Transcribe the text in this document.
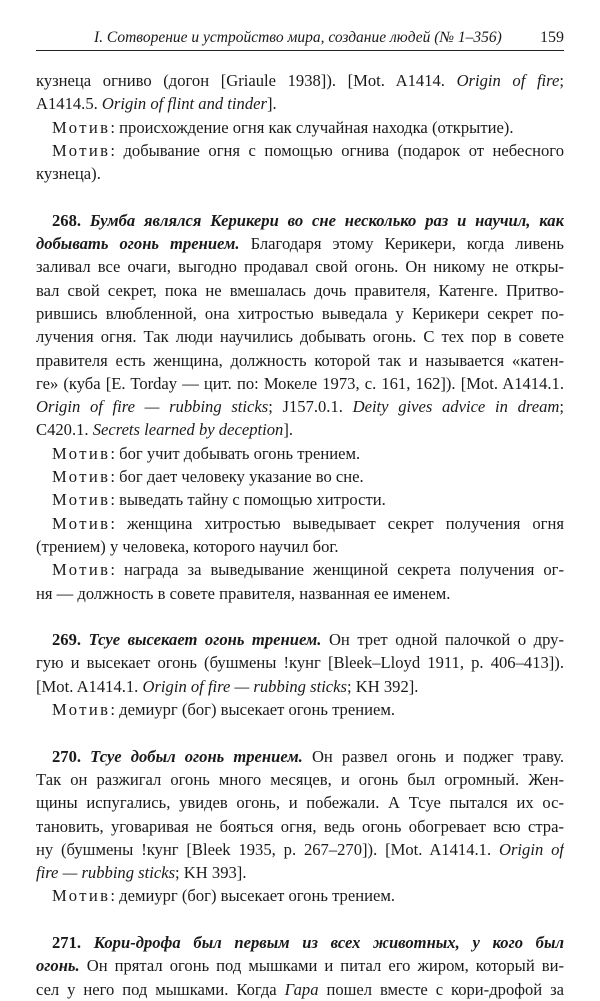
I. Сотворение и устройство мира, создание людей (№ 1–356) 159
кузнеца огниво (догон [Griaule 1938]). [Mot. A1414. Origin of fire;
A1414.5. Origin of flint and tinder].
Мотив: происхождение огня как случайная находка (открытие).
Мотив: добывание огня с помощью огнива (подарок от небесного
кузнеца).
268. Бумба являлся Керикери во сне несколько раз и научил, как
добывать огонь трением. Благодаря этому Керикери, когда ливень
заливал все очаги, выгодно продавал свой огонь. Он никому не откры-
вал свой секрет, пока не вмешалась дочь правителя, Катенге. Притво-
рившись влюбленной, она хитростью выведала у Керикери секрет по-
лучения огня. Так люди научились добывать огонь. С тех пор в совете
правителя есть женщина, должность которой так и называется «катен-
ге» (куба [E. Torday — цит. по: Мокеле 1973, с. 161, 162]). [Mot. A1414.1.
Origin of fire — rubbing sticks; J157.0.1. Deity gives advice in dream;
C420.1. Secrets learned by deception].
Мотив: бог учит добывать огонь трением.
Мотив: бог дает человеку указание во сне.
Мотив: выведать тайну с помощью хитрости.
Мотив: женщина хитростью выведывает секрет получения огня
(трением) у человека, которого научил бог.
Мотив: награда за выведывание женщиной секрета получения ог-
ня — должность в совете правителя, названная ее именем.
269. Тсуе высекает огонь трением. Он трет одной палочкой о дру-
гую и высекает огонь (бушмены !кунг [Bleek–Lloyd 1911, p. 406–413]).
[Mot. A1414.1. Origin of fire — rubbing sticks; KH 392].
Мотив: демиург (бог) высекает огонь трением.
270. Тсуе добыл огонь трением. Он развел огонь и поджег траву.
Так он разжигал огонь много месяцев, и огонь был огромный. Жен-
щины испугались, увидев огонь, и побежали. А Тсуе пытался их ос-
тановить, уговаривая не бояться огня, ведь огонь обогревает всю стра-
ну (бушмены !кунг [Bleek 1935, p. 267–270]). [Mot. A1414.1. Origin of
fire — rubbing sticks; KH 393].
Мотив: демиург (бог) высекает огонь трением.
271. Кори-дрофа был первым из всех животных, у кого был
огонь. Он прятал огонь под мышками и питал его жиром, который ви-
сел у него под мышками. Когда Гара пошел вместе с кори-дрофой за
